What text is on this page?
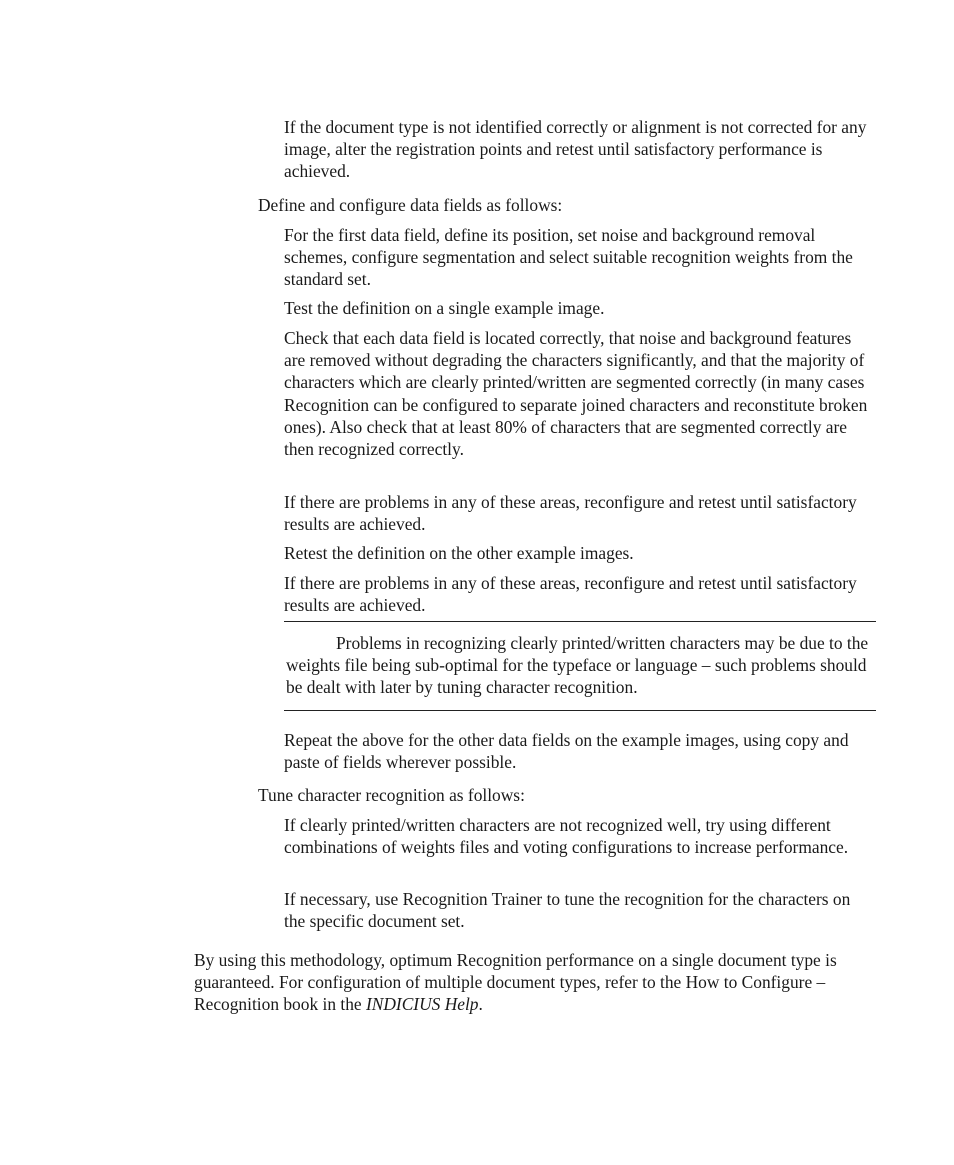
If the document type is not identified correctly or alignment is not corrected for any image, alter the registration points and retest until satisfactory performance is achieved.

Define and configure data fields as follows:

For the first data field, define its position, set noise and background removal schemes, configure segmentation and select suitable recognition weights from the standard set.

Test the definition on a single example image.

Check that each data field is located correctly, that noise and background features are removed without degrading the characters significantly, and that the majority of characters which are clearly printed/written are segmented correctly (in many cases Recognition can be configured to separate joined characters and reconstitute broken ones). Also check that at least 80% of characters that are segmented correctly are then recognized correctly.

If there are problems in any of these areas, reconfigure and retest until satisfactory results are achieved.

Retest the definition on the other example images.

If there are problems in any of these areas, reconfigure and retest until satisfactory results are achieved.

Problems in recognizing clearly printed/written characters may be due to the weights file being sub-optimal for the typeface or language – such problems should be dealt with later by tuning character recognition.

Repeat the above for the other data fields on the example images, using copy and paste of fields wherever possible.

Tune character recognition as follows:

If clearly printed/written characters are not recognized well, try using different combinations of weights files and voting configurations to increase performance.

If necessary, use Recognition Trainer to tune the recognition for the characters on the specific document set.

By using this methodology, optimum Recognition performance on a single document type is guaranteed. For configuration of multiple document types, refer to the How to Configure – Recognition book in the INDICIUS Help.
